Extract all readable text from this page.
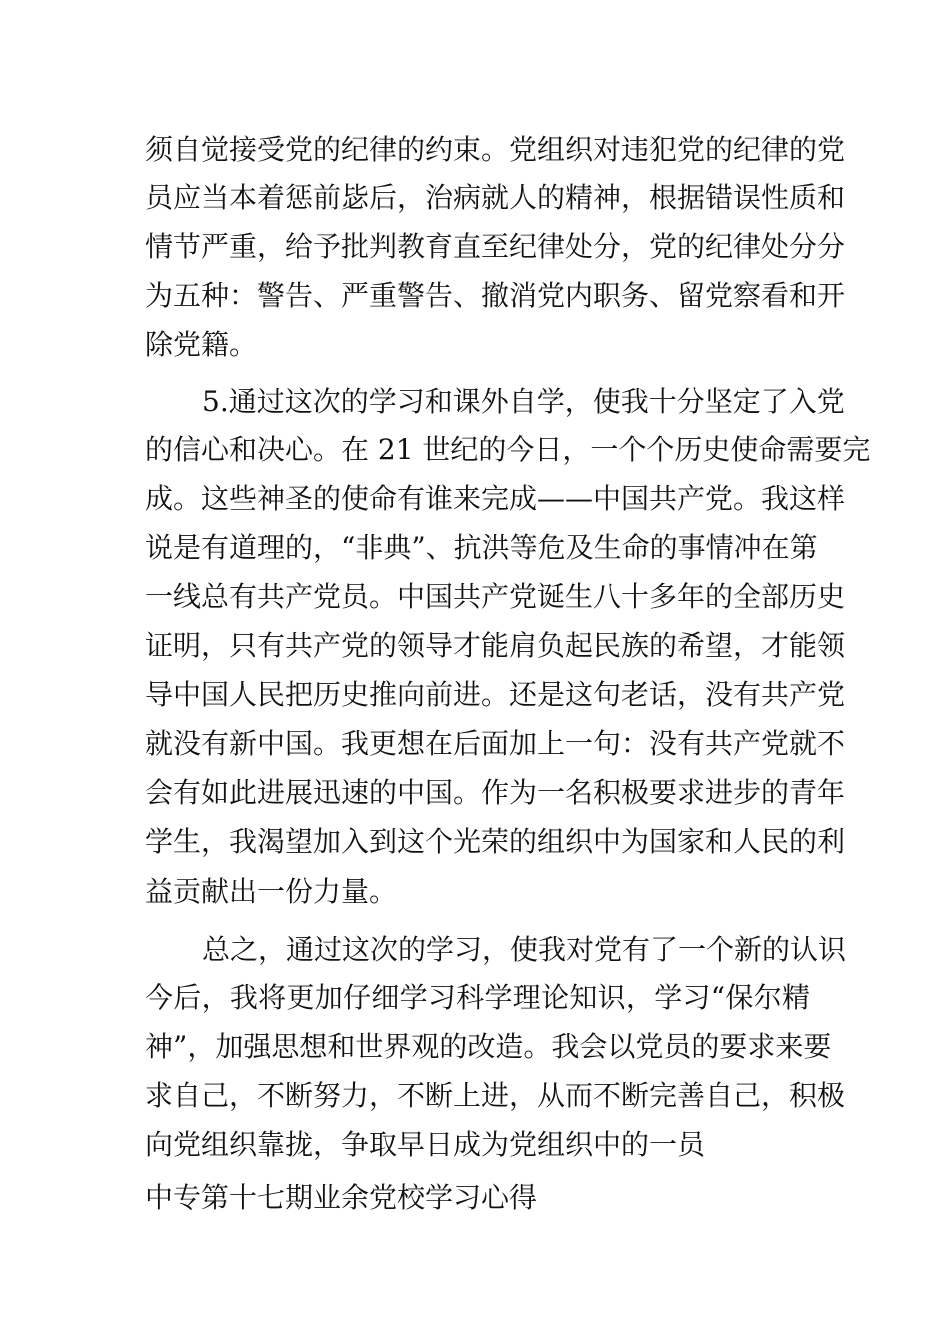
须自觉接受党的纪律的约束。党组织对违犯党的纪律的党
员应当本着惩前毖后，治病就人的精神，根据错误性质和
情节严重，给予批判教育直至纪律处分，党的纪律处分分
为五种：警告、严重警告、撤消党内职务、留党察看和开
除党籍。
5.通过这次的学习和课外自学，使我十分坚定了入党
的信心和决心。在 21 世纪的今日，一个个历史使命需要完
成。这些神圣的使命有谁来完成——中国共产党。我这样
说是有道理的，“非典”、抗洪等危及生命的事情冲在第
一线总有共产党员。中国共产党诞生八十多年的全部历史
证明，只有共产党的领导才能肩负起民族的希望，才能领
导中国人民把历史推向前进。还是这句老话，没有共产党
就没有新中国。我更想在后面加上一句：没有共产党就不
会有如此进展迅速的中国。作为一名积极要求进步的青年
学生，我渴望加入到这个光荣的组织中为国家和人民的利
益贡献出一份力量。
总之，通过这次的学习，使我对党有了一个新的认识
今后，我将更加仔细学习科学理论知识，学习“保尔精
神”，加强思想和世界观的改造。我会以党员的要求来要
求自己，不断努力，不断上进，从而不断完善自己，积极
向党组织靠拢，争取早日成为党组织中的一员
中专第十七期业余党校学习心得
